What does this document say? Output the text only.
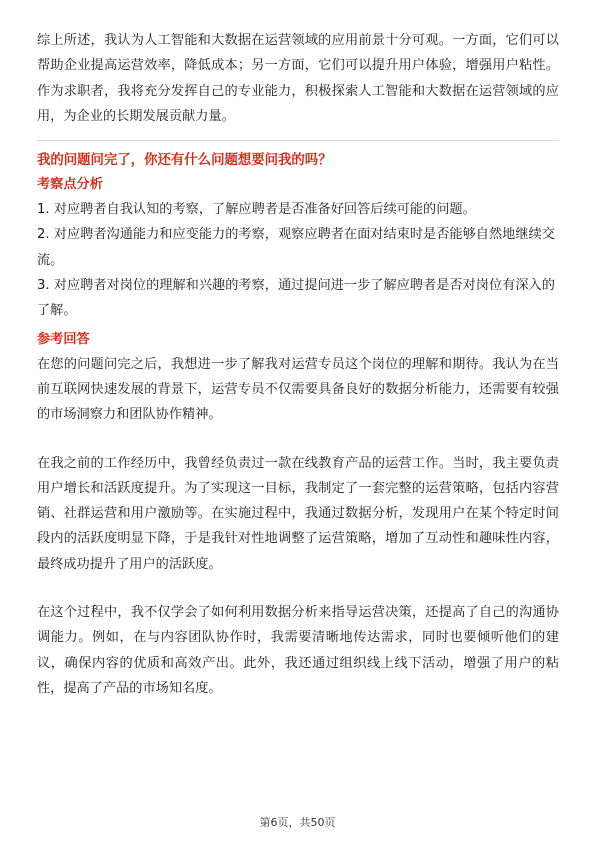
综上所述，我认为人工智能和大数据在运营领域的应用前景十分可观。一方面，它们可以帮助企业提高运营效率，降低成本；另一方面，它们可以提升用户体验，增强用户粘性。作为求职者，我将充分发挥自己的专业能力，积极探索人工智能和大数据在运营领域的应用，为企业的长期发展贡献力量。

我的问题问完了，你还有什么问题想要问我的吗？

考察点分析

1. 对应聘者自我认知的考察，了解应聘者是否准备好回答后续可能的问题。

2. 对应聘者沟通能力和应变能力的考察，观察应聘者在面对结束时是否能够自然地继续交流。

3. 对应聘者对岗位的理解和兴趣的考察，通过提问进一步了解应聘者是否对岗位有深入的了解。

参考回答

在您的问题问完之后，我想进一步了解我对运营专员这个岗位的理解和期待。我认为在当前互联网快速发展的背景下，运营专员不仅需要具备良好的数据分析能力，还需要有较强的市场洞察力和团队协作精神。

在我之前的工作经历中，我曾经负责过一款在线教育产品的运营工作。当时，我主要负责用户增长和活跃度提升。为了实现这一目标，我制定了一套完整的运营策略，包括内容营销、社群运营和用户激励等。在实施过程中，我通过数据分析，发现用户在某个特定时间段内的活跃度明显下降，于是我针对性地调整了运营策略，增加了互动性和趣味性内容，最终成功提升了用户的活跃度。

在这个过程中，我不仅学会了如何利用数据分析来指导运营决策，还提高了自己的沟通协调能力。例如，在与内容团队协作时，我需要清晰地传达需求，同时也要倾听他们的建议，确保内容的优质和高效产出。此外，我还通过组织线上线下活动，增强了用户的粘性，提高了产品的市场知名度。

第6页，共50页
